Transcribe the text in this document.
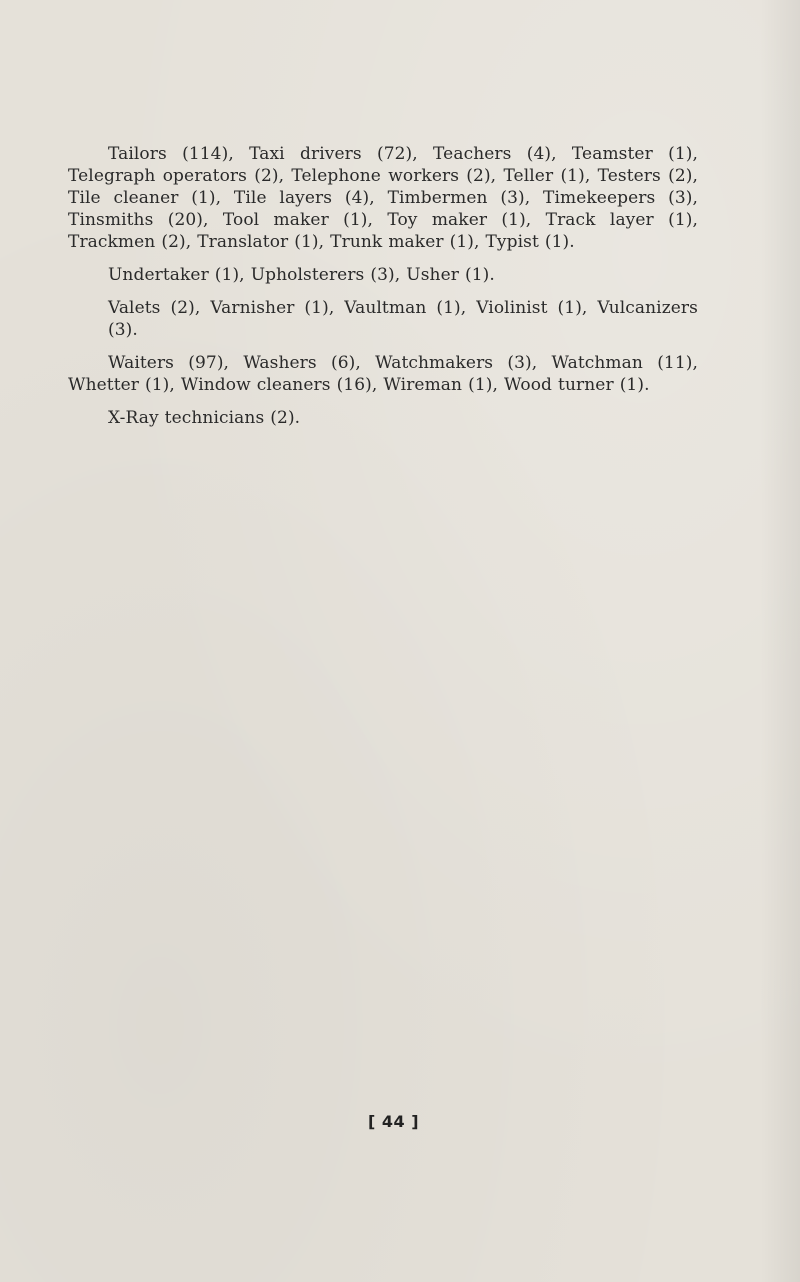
Tailors (114), Taxi drivers (72), Teachers (4), Teamster (1), Telegraph operators (2), Telephone workers (2), Teller (1), Testers (2), Tile cleaner (1), Tile layers (4), Timbermen (3), Timekeepers (3), Tinsmiths (20), Tool maker (1), Toy maker (1), Track layer (1), Trackmen (2), Translator (1), Trunk maker (1), Typist (1).

Undertaker (1), Upholsterers (3), Usher (1).

Valets (2), Varnisher (1), Vaultman (1), Violinist (1), Vulcanizers (3).

Waiters (97), Washers (6), Watchmakers (3), Watchman (11), Whetter (1), Window cleaners (16), Wireman (1), Wood turner (1).

X-Ray technicians (2).

[ 44 ]
